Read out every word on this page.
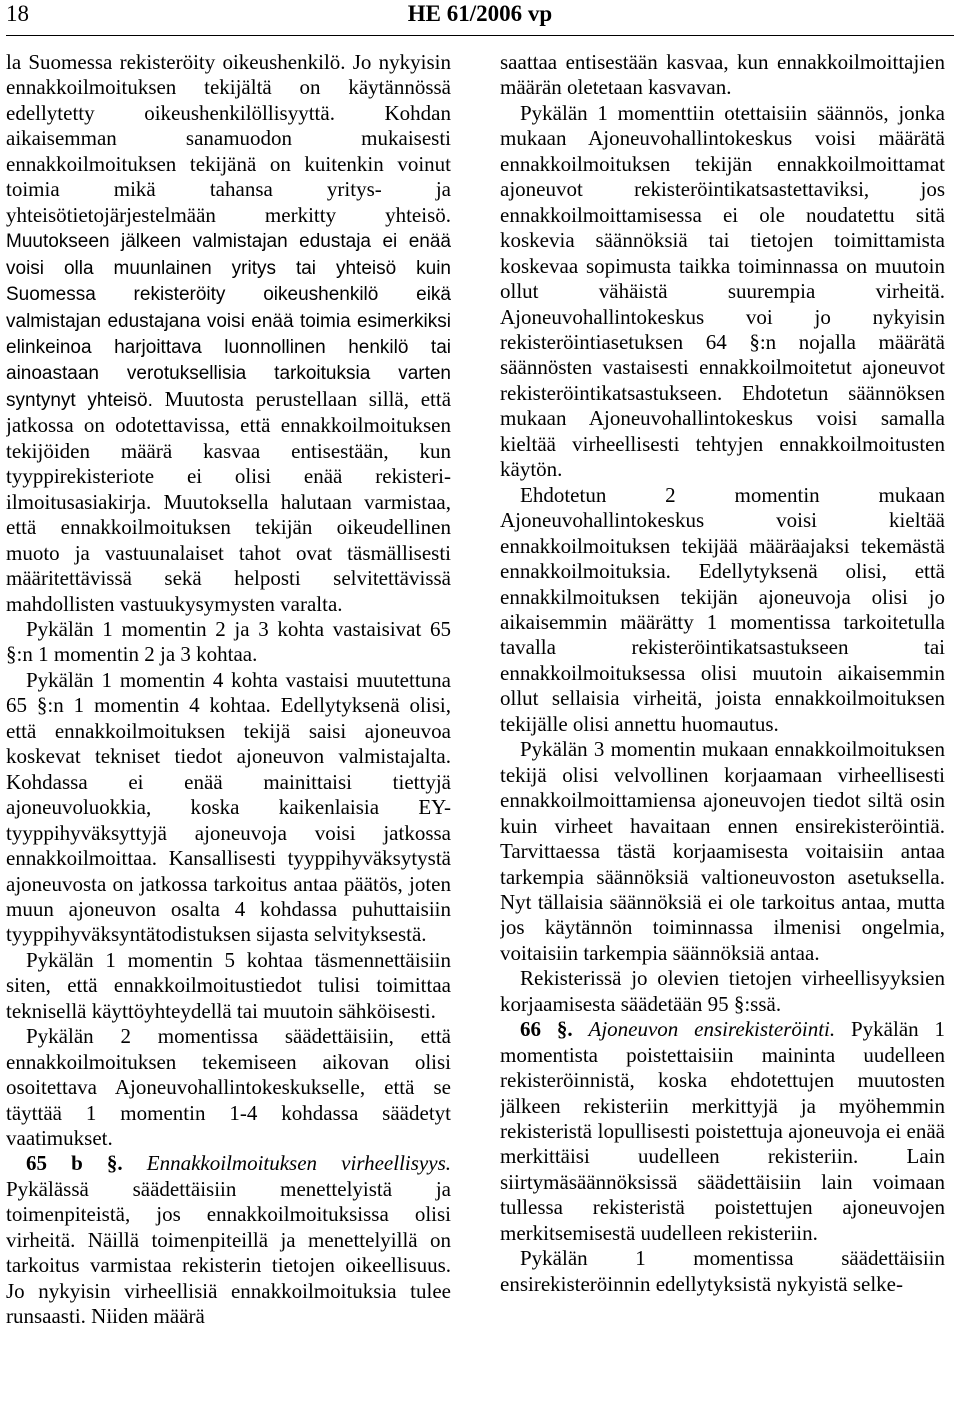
18	HE 61/2006 vp

la Suomessa rekisteröity oikeushenkilö. Jo nykyisin ennakkoilmoituksen tekijältä on käytännössä edellytetty oikeushenkilöllisyyttä. Kohdan aikaisemman sanamuodon mukaisesti ennakkoilmoituksen tekijänä on kuitenkin voinut toimia mikä tahansa yritys- ja yhteisötietojärjestelmään merkitty yhteisö. Muutokseen jälkeen valmistajan edustaja ei enää voisi olla muunlainen yritys tai yhteisö kuin Suomessa rekisteröity oikeushenkilö eikä valmistajan edustajana voisi enää toimia esimerkiksi elinkeinoa harjoittava luonnollinen henkilö tai ainoastaan verotuksellisia tarkoituksia varten syntynyt yhteisö. Muutosta perustellaan sillä, että jatkossa on odotettavissa, että ennakkoilmoituksen tekijöiden määrä kasvaa entisestään, kun tyyppirekisteriote ei olisi enää rekisteri-ilmoitusasiakirja. Muutoksella halutaan varmistaa, että ennakkoilmoituksen tekijän oikeudellinen muoto ja vastuunalaiset tahot ovat täsmällisesti määritettävissä sekä helposti selvitettävissä mahdollisten vastuukysymysten varalta.

Pykälän 1 momentin 2 ja 3 kohta vastaisivat 65 §:n 1 momentin 2 ja 3 kohtaa.

Pykälän 1 momentin 4 kohta vastaisi muutettuna 65 §:n 1 momentin 4 kohtaa. Edellytyksenä olisi, että ennakkoilmoituksen tekijä saisi ajoneuvoa koskevat tekniset tiedot ajoneuvon valmistajalta. Kohdassa ei enää mainittaisi tiettyjä ajoneuvoluokkia, koska kaikenlaisia EY-tyyppihyväksyttyjä ajoneuvoja voisi jatkossa ennakkoilmoittaa. Kansallisesti tyyppihyväksytystä ajoneuvosta on jatkossa tarkoitus antaa päätös, joten muun ajoneuvon osalta 4 kohdassa puhuttaisiin tyyppihyväksyntätodistuksen sijasta selvityksestä.

Pykälän 1 momentin 5 kohtaa täsmennettäisiin siten, että ennakkoilmoitustiedot tulisi toimittaa teknisellä käyttöyhteydellä tai muutoin sähköisesti.

Pykälän 2 momentissa säädettäisiin, että ennakkoilmoituksen tekemiseen aikovan olisi osoitettava Ajoneuvohallintokeskukselle, että se täyttää 1 momentin 1-4 kohdassa säädetyt vaatimukset.

65 b §. Ennakkoilmoituksen virheellisyys. Pykälässä säädettäisiin menettelyistä ja toimenpiteistä, jos ennakkoilmoituksissa olisi virheitä. Näillä toimenpiteillä ja menettelyillä on tarkoitus varmistaa rekisterin tietojen oikeellisuus. Jo nykyisin virheellisiä ennakkoilmoituksia tulee runsaasti. Niiden määrä

saattaa entisestään kasvaa, kun ennakkoilmoittajien määrän oletetaan kasvavan.

Pykälän 1 momenttiin otettaisiin säännös, jonka mukaan Ajoneuvohallintokeskus voisi määrätä ennakkoilmoituksen tekijän ennakkoilmoittamat ajoneuvot rekisteröintikatsastettaviksi, jos ennakkoilmoittamisessa ei ole noudatettu sitä koskevia säännöksiä tai tietojen toimittamista koskevaa sopimusta taikka toiminnassa on muutoin ollut vähäistä suurempia virheitä. Ajoneuvohallintokeskus voi jo nykyisin rekisteröintiasetuksen 64 §:n nojalla määrätä säännösten vastaisesti ennakkoilmoitetut ajoneuvot rekisteröintikatsastukseen. Ehdotetun säännöksen mukaan Ajoneuvohallintokeskus voisi samalla kieltää virheellisesti tehtyjen ennakkoilmoitusten käytön.

Ehdotetun 2 momentin mukaan Ajoneuvohallintokeskus voisi kieltää ennakkoilmoituksen tekijää määräajaksi tekemästä ennakkoilmoituksia. Edellytyksenä olisi, että ennakkilmoituksen tekijän ajoneuvoja olisi jo aikaisemmin määrätty 1 momentissa tarkoitetulla tavalla rekisteröintikatsastukseen tai ennakkoilmoituksessa olisi muutoin aikaisemmin ollut sellaisia virheitä, joista ennakkoilmoituksen tekijälle olisi annettu huomautus.

Pykälän 3 momentin mukaan ennakkoilmoituksen tekijä olisi velvollinen korjaamaan virheellisesti ennakkoilmoittamiensa ajoneuvojen tiedot siltä osin kuin virheet havaitaan ennen ensirekisteröintiä. Tarvittaessa tästä korjaamisesta voitaisiin antaa tarkempia säännöksiä valtioneuvoston asetuksella. Nyt tällaisia säännöksiä ei ole tarkoitus antaa, mutta jos käytännön toiminnassa ilmenisi ongelmia, voitaisiin tarkempia säännöksiä antaa.

Rekisterissä jo olevien tietojen virheellisyyksien korjaamisesta säädetään 95 §:ssä.

66 §. Ajoneuvon ensirekisteröinti. Pykälän 1 momentista poistettaisiin maininta uudelleen rekisteröinnistä, koska ehdotettujen muutosten jälkeen rekisteriin merkittyjä ja myöhemmin rekisteristä lopullisesti poistettuja ajoneuvoja ei enää merkittäisi uudelleen rekisteriin. Lain siirtymäsäännöksissä säädettäisiin lain voimaan tullessa rekisteristä poistettujen ajoneuvojen merkitsemisestä uudelleen rekisteriin.

Pykälän 1 momentissa säädettäisiin ensirekisteröinnin edellytyksistä nykyistä selke-
